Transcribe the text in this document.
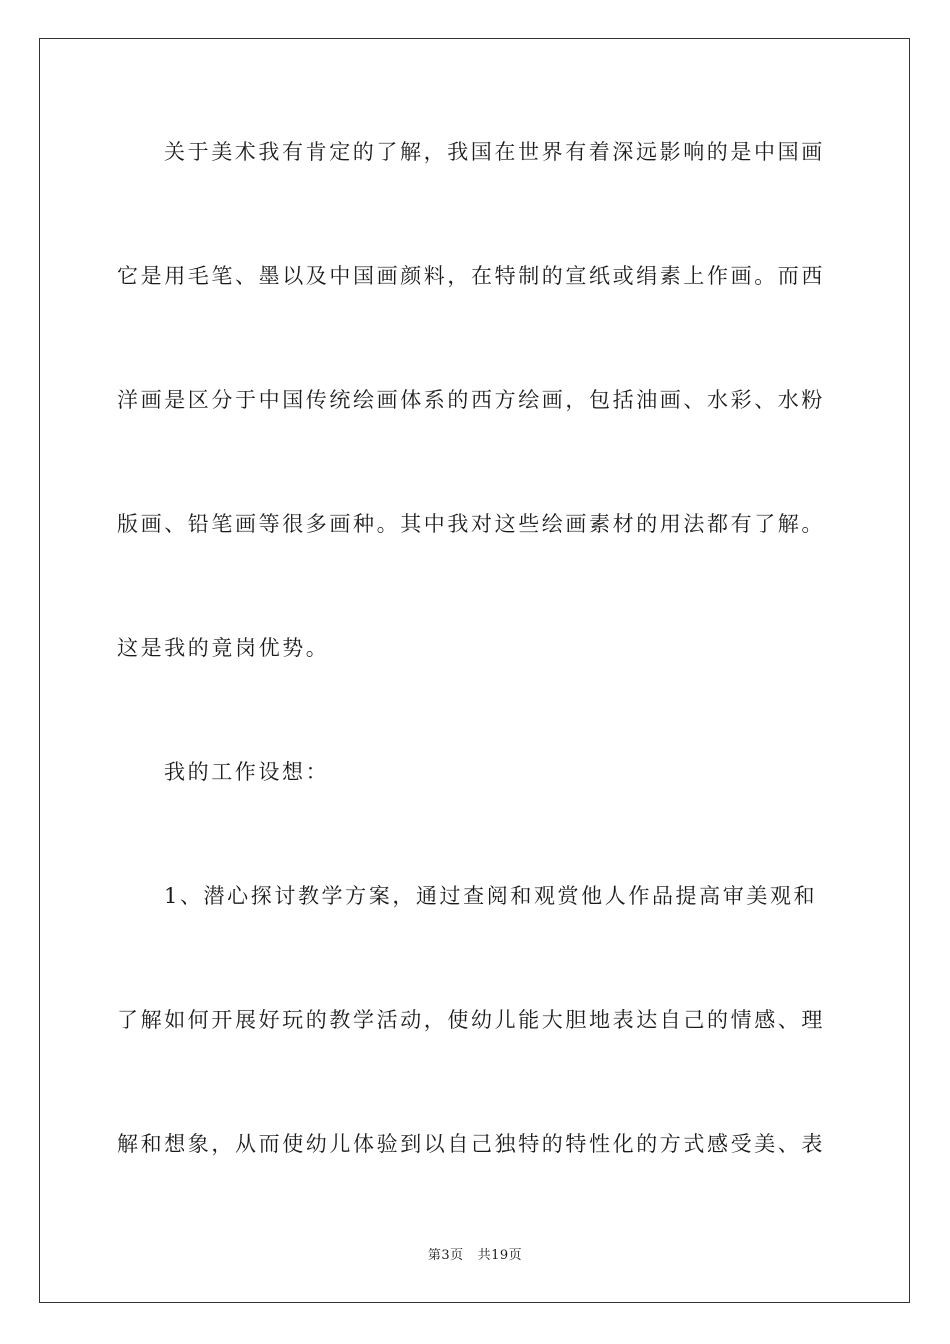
关于美术我有肯定的了解，我国在世界有着深远影响的是中国画
它是用毛笔、墨以及中国画颜料，在特制的宣纸或绢素上作画。而西
洋画是区分于中国传统绘画体系的西方绘画，包括油画、水彩、水粉
版画、铅笔画等很多画种。其中我对这些绘画素材的用法都有了解。
这是我的竟岗优势。
我的工作设想：
1、潜心探讨教学方案，通过查阅和观赏他人作品提高审美观和
了解如何开展好玩的教学活动，使幼儿能大胆地表达自己的情感、理
解和想象，从而使幼儿体验到以自己独特的特性化的方式感受美、表
第3页 共19页
